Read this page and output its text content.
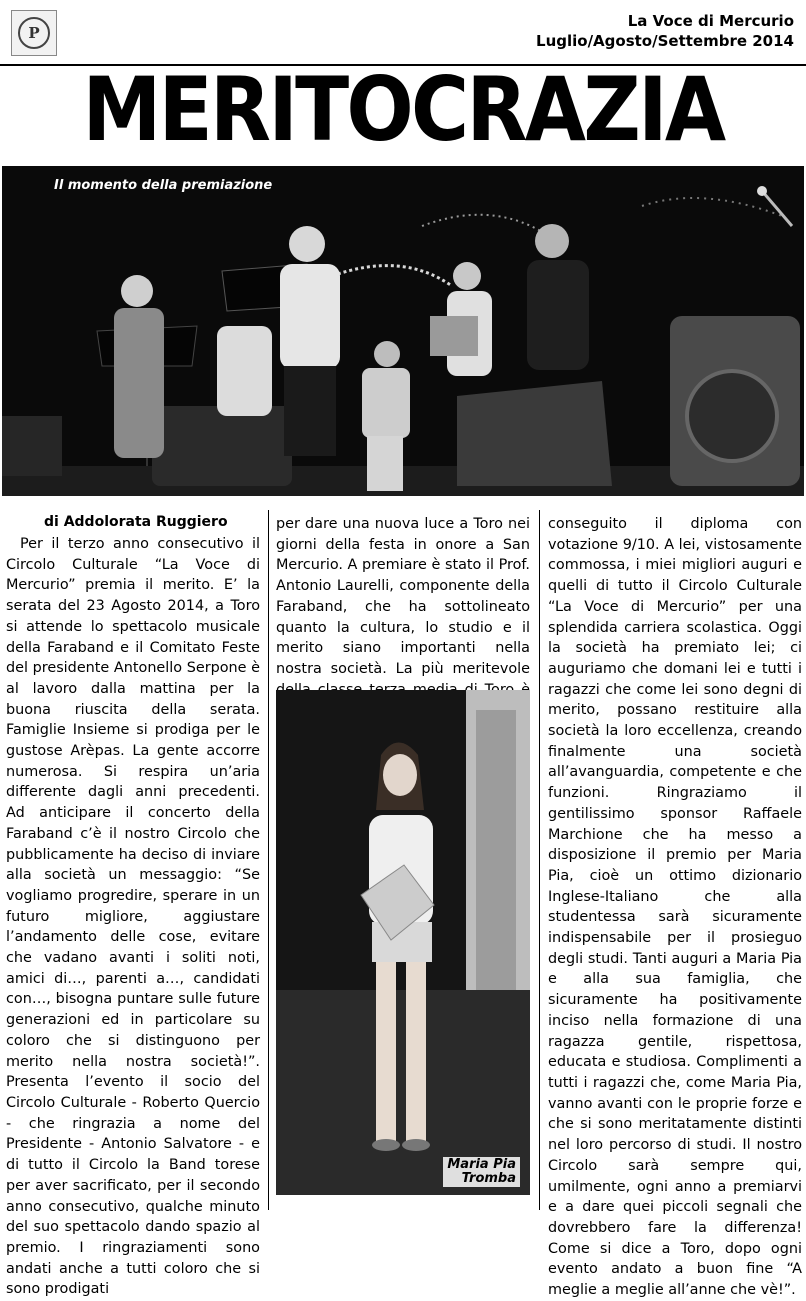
P
La Voce di Mercurio
Luglio/Agosto/Settembre 2014
MERITOCRAZIA
Il momento della premiazione
di Addolorata Ruggiero
Per il terzo anno consecutivo il Circolo Culturale “La Voce di Mercurio” premia il merito. E’ la serata del 23 Agosto 2014, a Toro si attende lo spettacolo musicale della Faraband e il Comitato Feste del presidente Antonello Serpone è al lavoro dalla mattina per la buona riuscita della serata. Famiglie Insieme si prodiga per le gustose Arèpas. La gente accorre numerosa. Si respira un’aria differente dagli anni precedenti. Ad anticipare il concerto della Faraband c’è il nostro Circolo che pubblicamente ha deciso di inviare alla società un messaggio: “Se vogliamo progredire, sperare in un futuro migliore, aggiustare l’andamento delle cose, evitare che vadano avanti i soliti noti, amici di…, parenti a…, candidati con…, bisogna puntare sulle future generazioni ed in particolare su coloro che si distinguono per merito nella nostra società!”. Presenta l’evento il socio del Circolo Culturale - Roberto Quercio - che ringrazia a nome del Presidente - Antonio Salvatore - e di tutto il Circolo la Band torese per aver sacrificato, per il secondo anno consecutivo, qualche minuto del suo spettacolo dando spazio al premio. I ringraziamenti sono andati anche a tutti coloro che si sono prodigati
per dare una nuova luce a Toro nei giorni della festa in onore a San Mercurio. A premiare è stato il Prof. Antonio Laurelli, componente della Faraband, che ha sottolineato quanto la cultura, lo studio e il merito siano importanti nella nostra società. La più meritevole
conseguito il diploma con votazione 9/10. A lei, vistosamente commossa, i miei migliori auguri e quelli di tutto il Circolo Culturale “La Voce di Mercurio” per una splendida carriera scolastica. Oggi la società ha premiato lei; ci auguriamo che domani lei e tutti i ragazzi che come lei sono degni di merito, possano restituire alla società la loro eccellenza, creando finalmente una società all’avanguardia, competente e che funzioni. Ringraziamo il gentilissimo sponsor Raffaele Marchione che ha messo a disposizione il premio per Maria Pia, cioè un ottimo dizionario Inglese-Italiano che alla studentessa sarà sicuramente indispensabile per il prosieguo degli studi. Tanti auguri a Maria Pia e alla sua famiglia, che sicuramente ha positivamente inciso nella formazione di una ragazza gentile, rispettosa, educata e studiosa. Complimenti a tutti i ragazzi che, come Maria Pia, vanno avanti con le proprie forze e che si sono meritatamente distinti nel loro percorso di studi. Il nostro Circolo sarà sempre qui, umilmente, ogni anno a premiarvi e a dare quei piccoli segnali che dovrebbero fare la differenza! Come si dice a Toro, dopo ogni evento andato a buon fine “A meglie a meglie all’anne che vè!”.
Maria Pia
Tromba
